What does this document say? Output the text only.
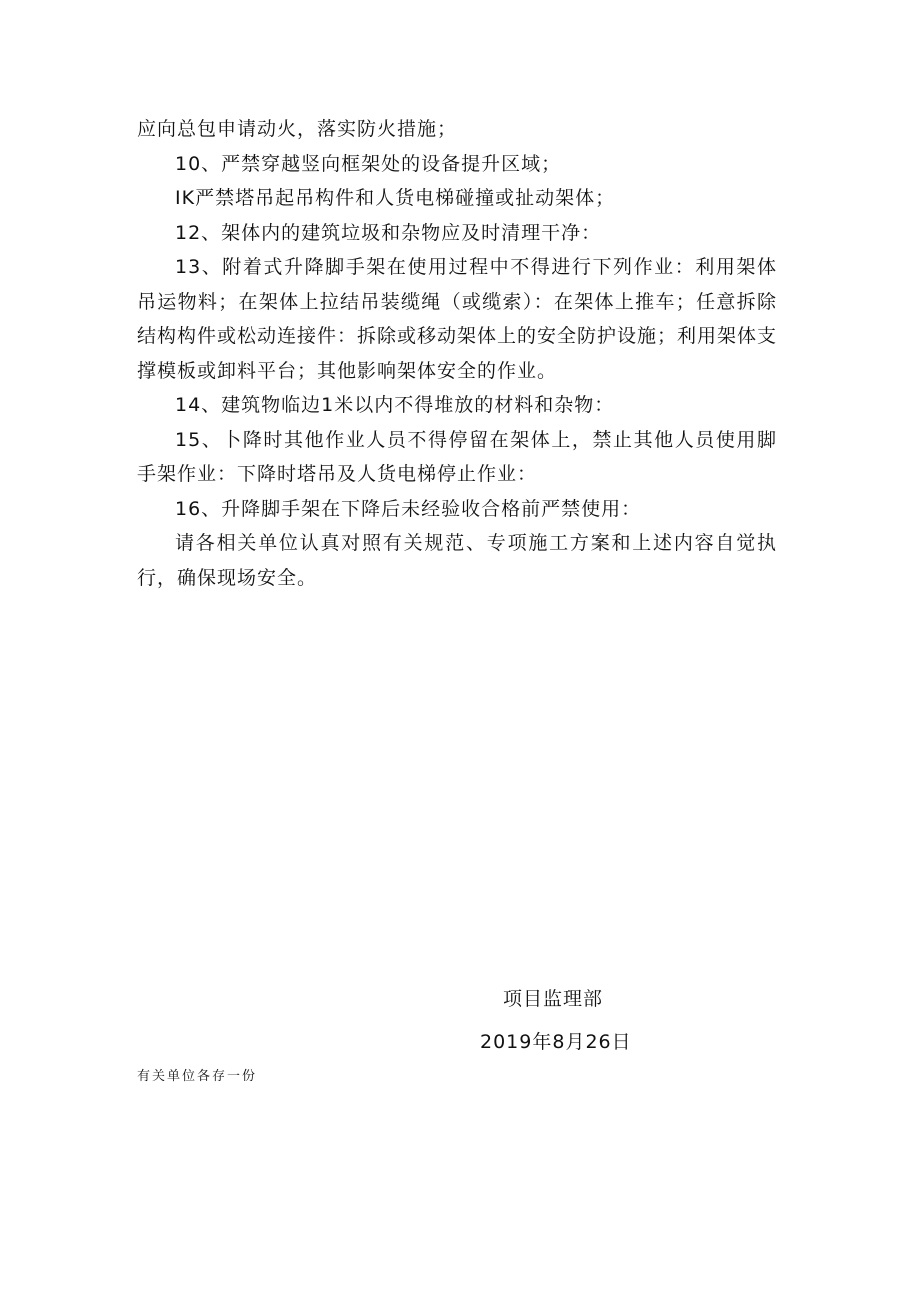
应向总包申请动火，落实防火措施；

10、严禁穿越竖向框架处的设备提升区域；

IK严禁塔吊起吊构件和人货电梯碰撞或扯动架体；

12、架体内的建筑垃圾和杂物应及时清理干净：

13、附着式升降脚手架在使用过程中不得进行下列作业：利用架体吊运物料；在架体上拉结吊装缆绳（或缆索）：在架体上推车；任意拆除结构构件或松动连接件：拆除或移动架体上的安全防护设施；利用架体支撑模板或卸料平台；其他影响架体安全的作业。

14、建筑物临边1米以内不得堆放的材料和杂物：

15、卜降时其他作业人员不得停留在架体上，禁止其他人员使用脚手架作业：下降时塔吊及人货电梯停止作业：

16、升降脚手架在下降后未经验收合格前严禁使用：

请各相关单位认真对照有关规范、专项施工方案和上述内容自觉执行，确保现场安全。

项目监理部
2019年8月26日
有关单位各存一份
